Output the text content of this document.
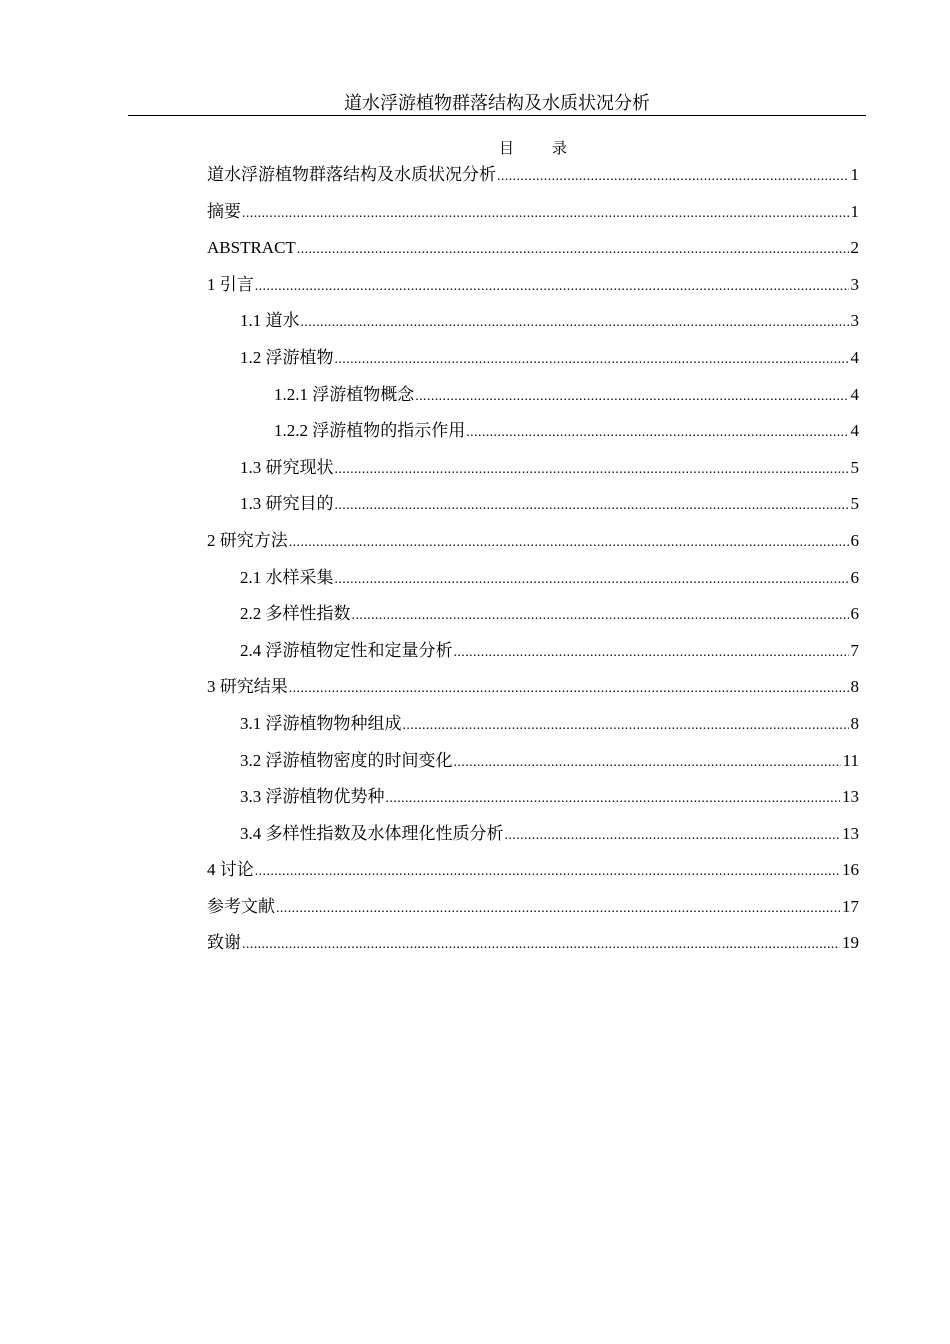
道水浮游植物群落结构及水质状况分析
目录
道水浮游植物群落结构及水质状况分析 .....	1
摘要 .....	1
ABSTRACT .....	2
1 引言 .....	3
1.1 道水 .....	3
1.2 浮游植物 .....	4
1.2.1 浮游植物概念 .....	4
1.2.2 浮游植物的指示作用 .....	4
1.3 研究现状 .....	5
1.3 研究目的 .....	5
2 研究方法 .....	6
2.1 水样采集 .....	6
2.2 多样性指数 .....	6
2.4 浮游植物定性和定量分析 .....	7
3 研究结果 .....	8
3.1 浮游植物物种组成 .....	8
3.2 浮游植物密度的时间变化 .....	11
3.3 浮游植物优势种 .....	13
3.4 多样性指数及水体理化性质分析 .....	13
4 讨论 .....	16
参考文献 .....	17
致谢 .....	19
